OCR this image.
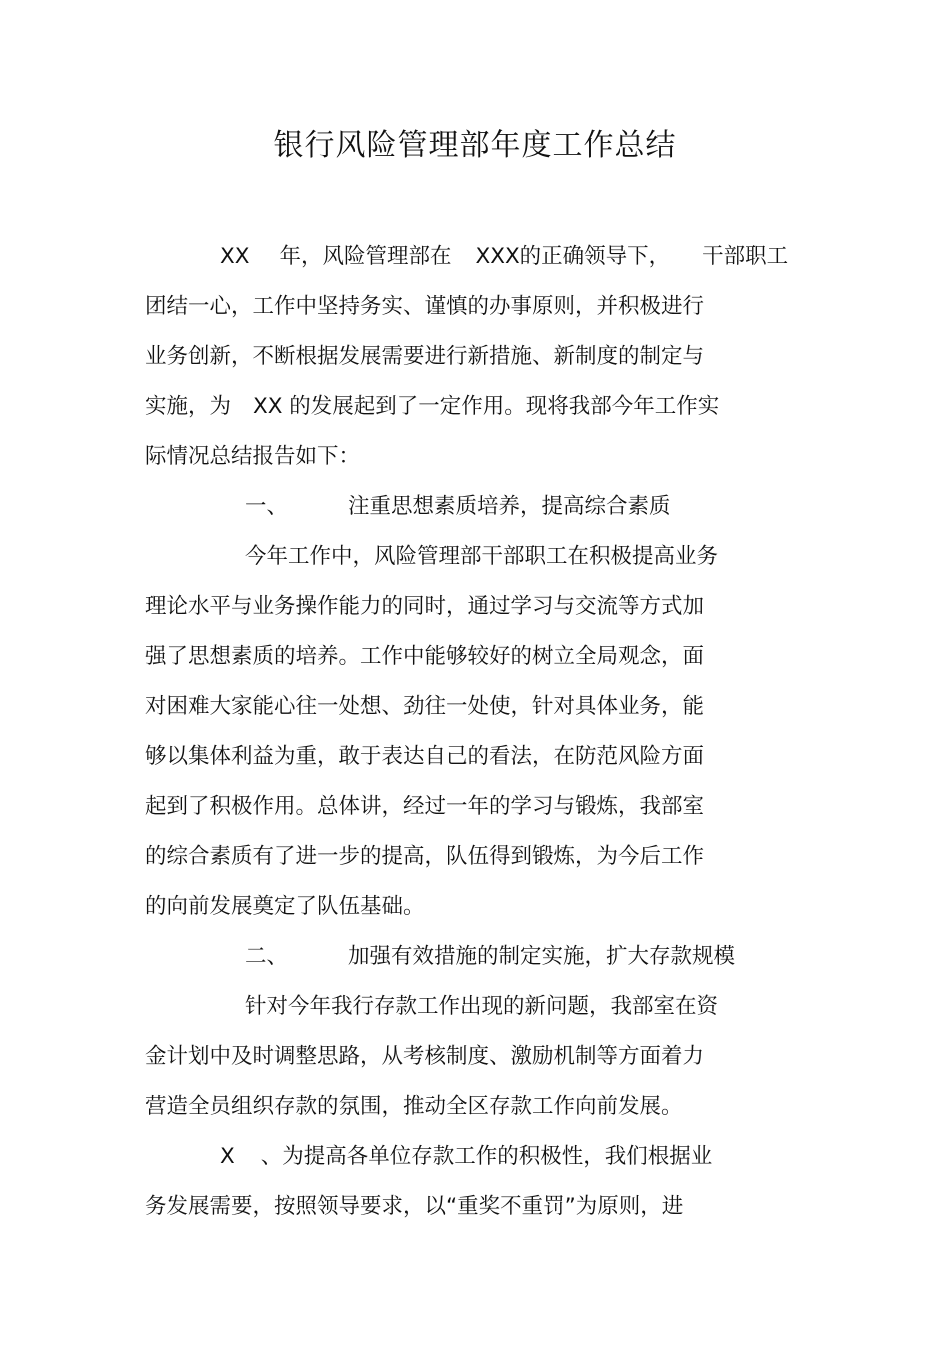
银行风险管理部年度工作总结
XX 年，风险管理部在 XXX的正确领导下， 干部职工
团结一心，工作中坚持务实、谨慎的办事原则，并积极进行
业务创新，不断根据发展需要进行新措施、新制度的制定与
实施，为 XX 的发展起到了一定作用。现将我部今年工作实
际情况总结报告如下：
一、	注重思想素质培养，提高综合素质
今年工作中，风险管理部干部职工在积极提高业务
理论水平与业务操作能力的同时，通过学习与交流等方式加
强了思想素质的培养。工作中能够较好的树立全局观念，面
对困难大家能心往一处想、劲往一处使，针对具体业务，能
够以集体利益为重，敢于表达自己的看法，在防范风险方面
起到了积极作用。总体讲，经过一年的学习与锻炼，我部室
的综合素质有了进一步的提高，队伍得到锻炼，为今后工作
的向前发展奠定了队伍基础。
二、	加强有效措施的制定实施，扩大存款规模
针对今年我行存款工作出现的新问题，我部室在资
金计划中及时调整思路，从考核制度、激励机制等方面着力
营造全员组织存款的氛围，推动全区存款工作向前发展。
X 、为提高各单位存款工作的积极性，我们根据业
务发展需要，按照领导要求，以“重奖不重罚”为原则，进
